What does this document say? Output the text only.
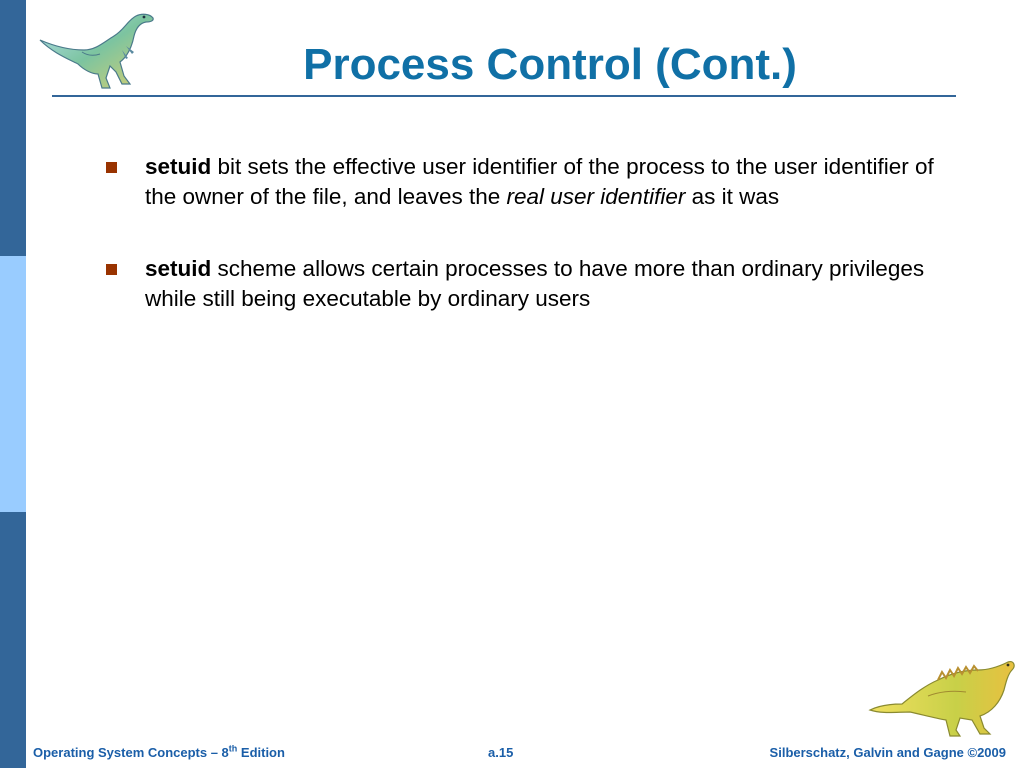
Process Control (Cont.)
setuid bit sets the effective user identifier of the process to the user identifier of the owner of the file, and leaves the real user identifier as it was
setuid scheme allows certain processes to have more than ordinary privileges while still being executable by ordinary users
Operating System Concepts – 8th Edition	a.15	Silberschatz, Galvin and Gagne ©2009
